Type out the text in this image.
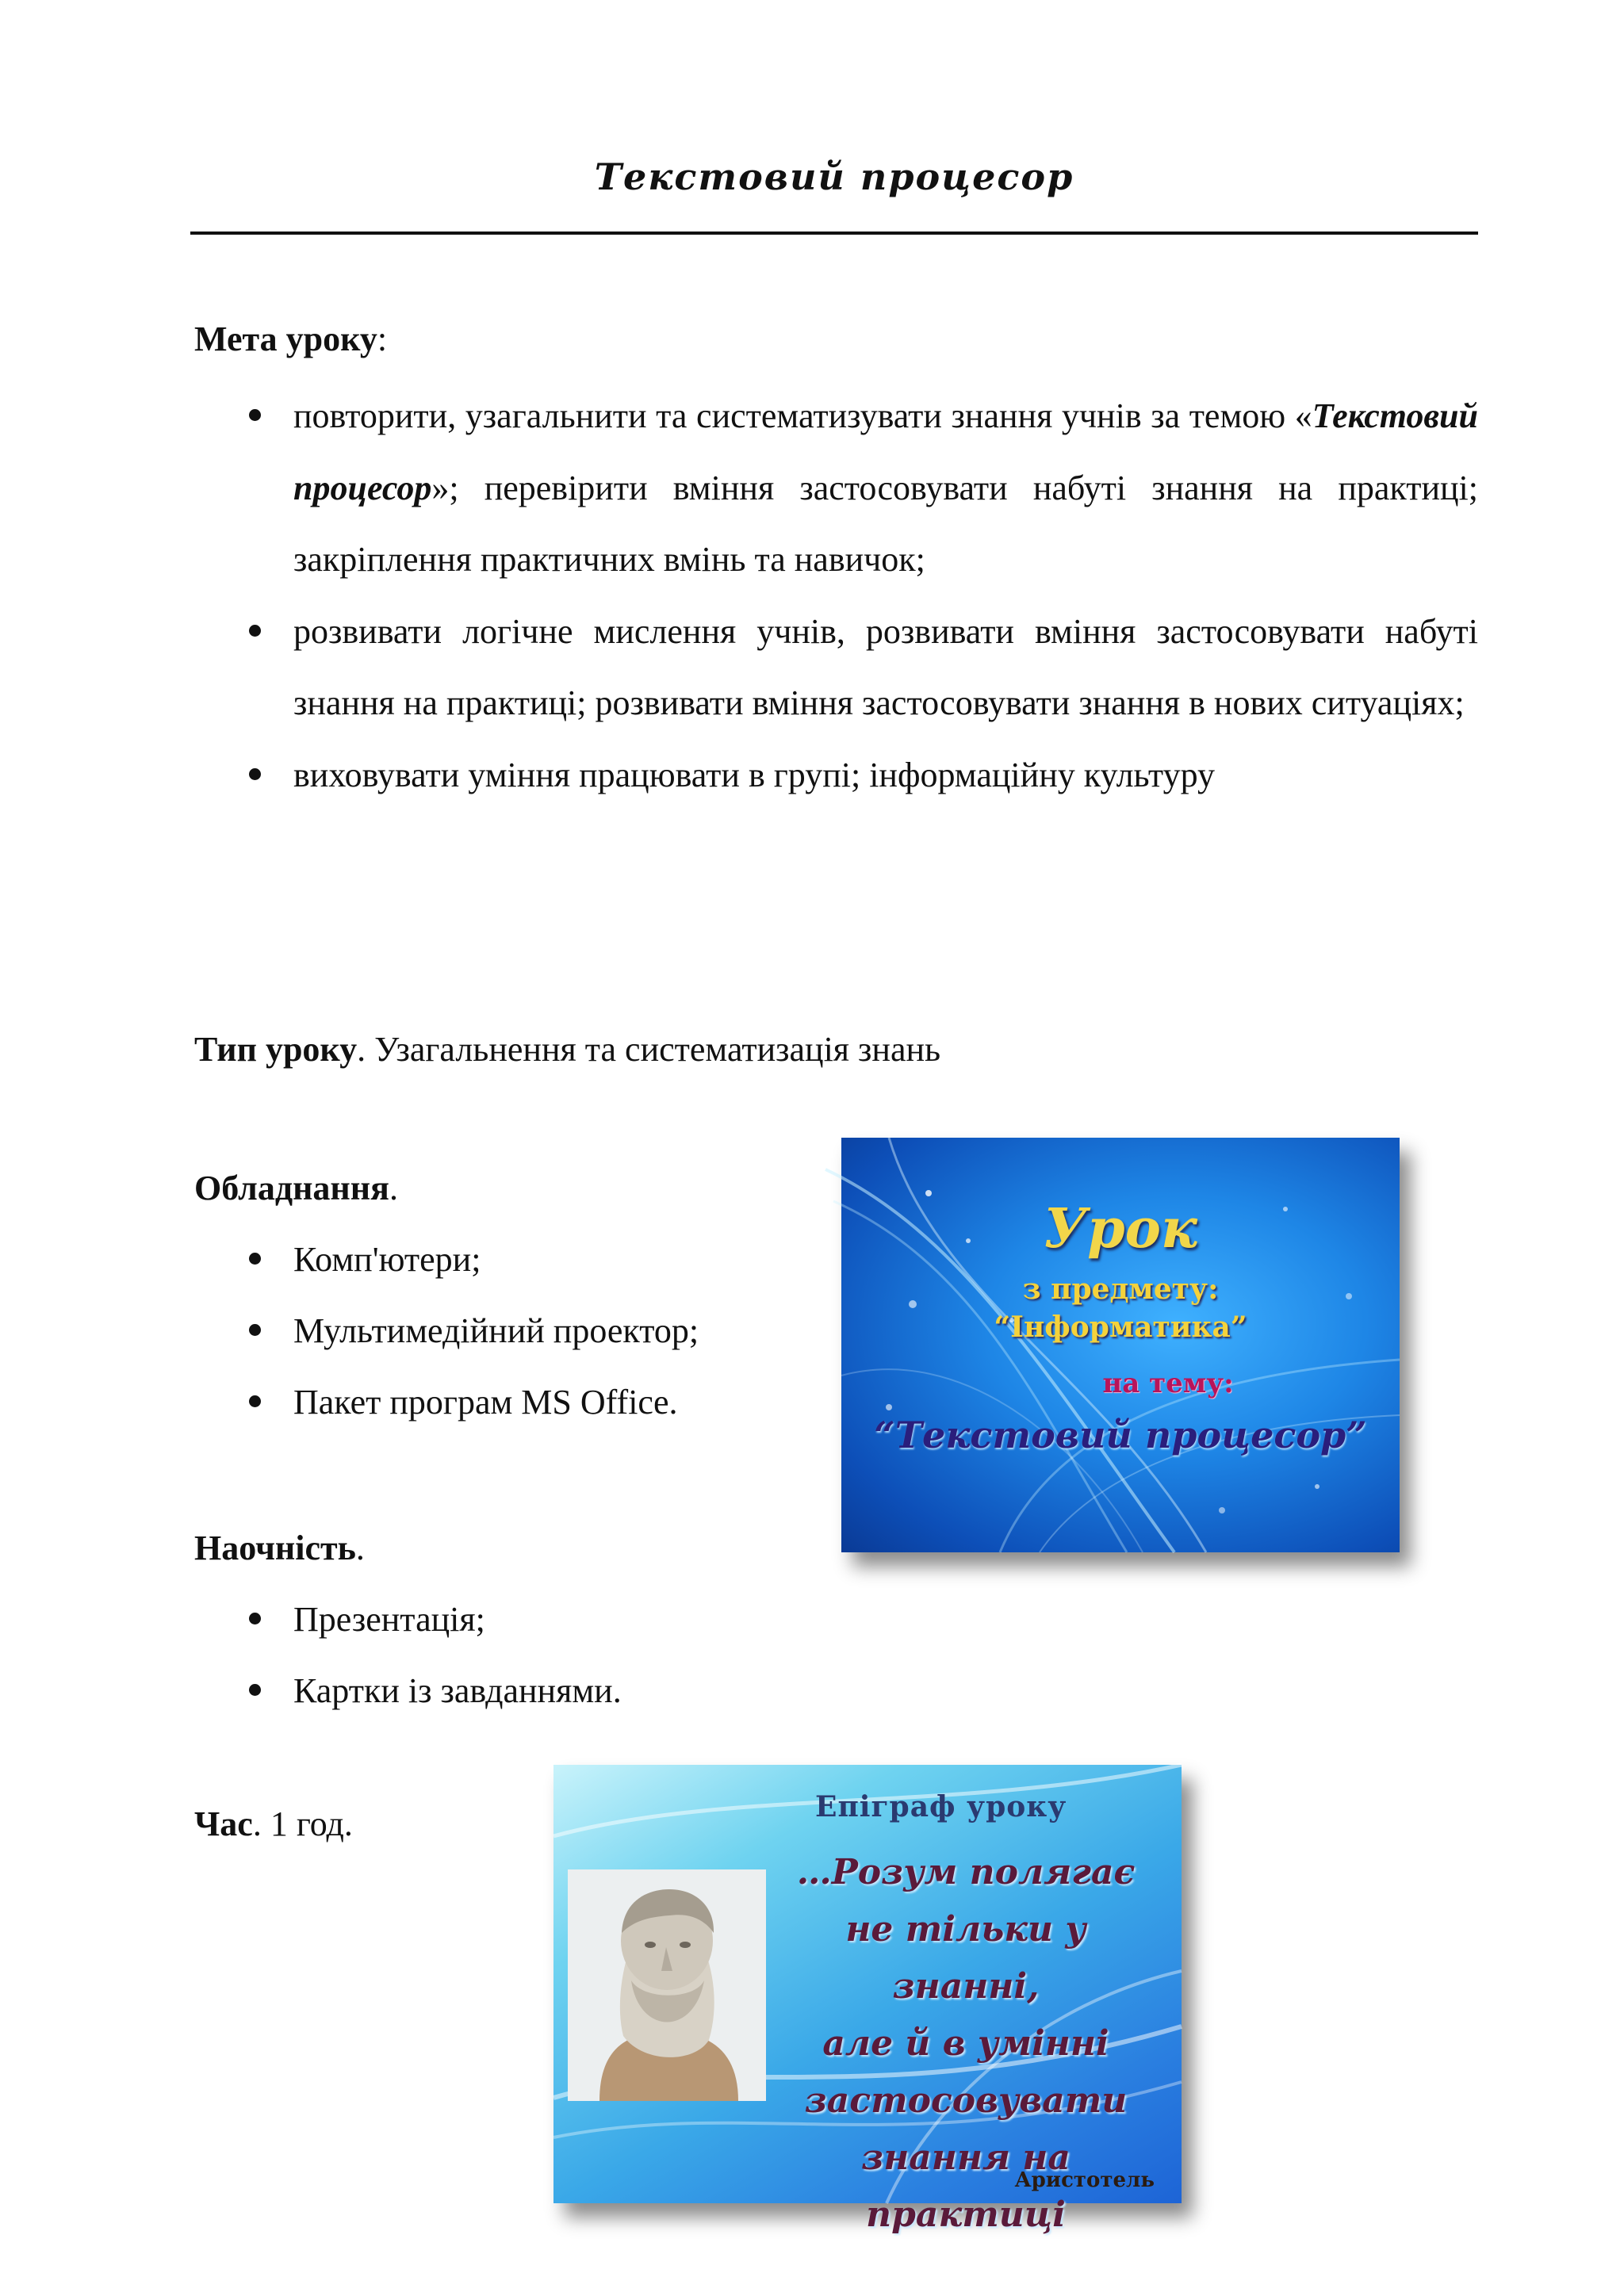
Текстовий процесор
Мета уроку:
повторити, узагальнити та систематизувати знання учнів за темою «Текстовий процесор»; перевірити вміння застосовувати набуті знання на практиці; закріплення практичних вмінь та навичок;
розвивати логічне мислення учнів, розвивати вміння застосовувати набуті знання на практиці; розвивати вміння застосовувати знання в нових ситуаціях;
виховувати уміння працювати в групі; інформаційну культуру
Тип уроку. Узагальнення та систематизація знань
Обладнання.
Комп'ютери;
Мультимедійний проектор;
Пакет програм MS Office.
Наочність.
Презентація;
Картки із завданнями.
Час. 1 год.
Урок
з предмету:
“Інформатика”
на тему:
“Текстовий процесор”
Епіграф уроку
…Розум полягає
не тільки у знанні,
але й в умінні
застосовувати
знання на практиці
Аристотель
